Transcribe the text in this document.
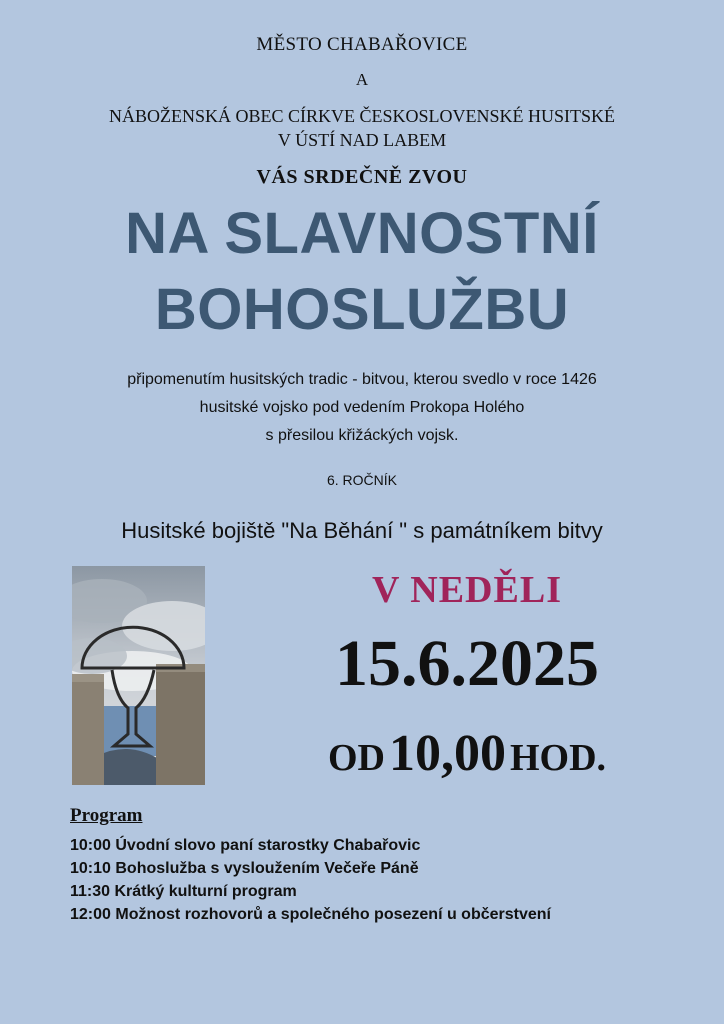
MĚSTO CHABAŘOVICE
A
NÁBOŽENSKÁ OBEC CÍRKVE ČESKOSLOVENSKÉ HUSITSKÉ
V ÚSTÍ NAD LABEM
VÁS SRDEČNĚ ZVOU
NA SLAVNOSTNÍ
BOHOSLUŽBU
připomenutím husitských tradic - bitvou, kterou svedlo v roce 1426
husitské vojsko pod vedením Prokopa Holého
s přesilou křižáckých vojsk.
6. ROČNÍK
Husitské bojiště "Na Běhání " s památníkem bitvy
V NEDĚLI
15.6.2025
OD 10,00 HOD.
Program
10:00 Úvodní slovo paní starostky Chabařovic
10:10 Bohoslužba s vysloužením Večeře Páně
11:30 Krátký kulturní program
12:00 Možnost rozhovorů a společného posezení u občerstvení
